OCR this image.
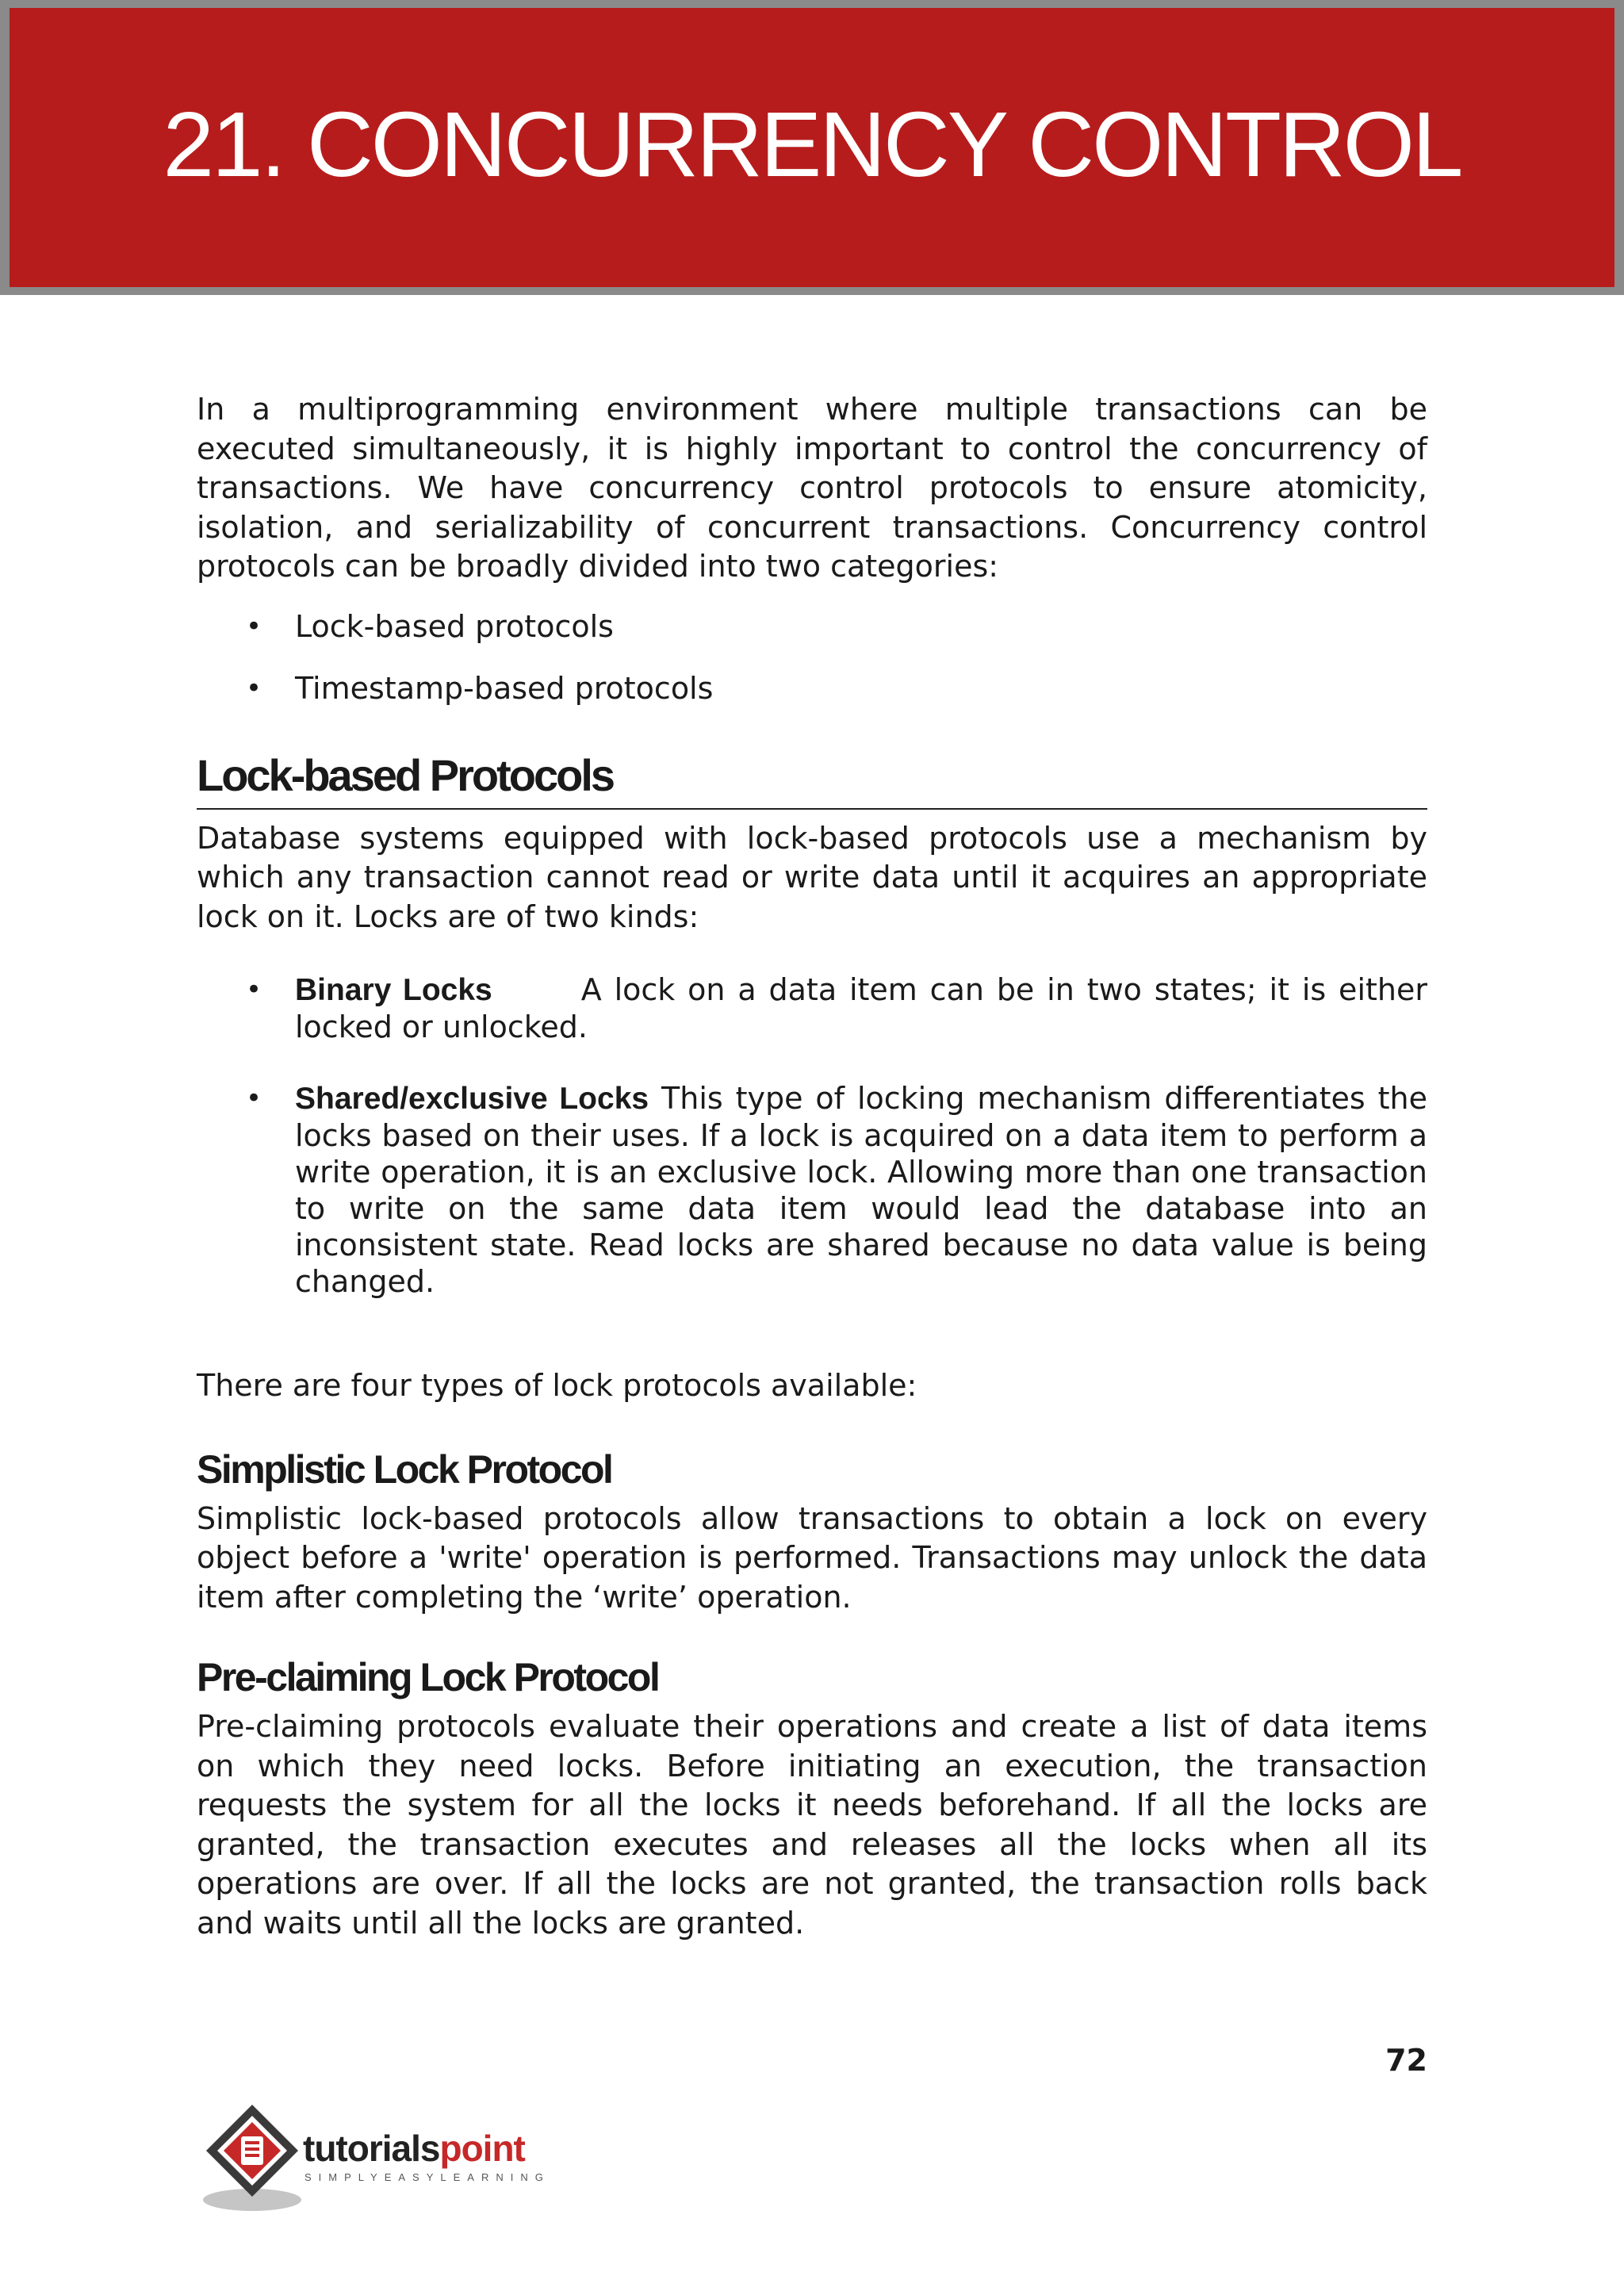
21. CONCURRENCY CONTROL

In a multiprogramming environment where multiple transactions can be executed simultaneously, it is highly important to control the concurrency of transactions. We have concurrency control protocols to ensure atomicity, isolation, and serializability of concurrent transactions. Concurrency control protocols can be broadly divided into two categories:

• Lock-based protocols
• Timestamp-based protocols
Lock-based Protocols

Database systems equipped with lock-based protocols use a mechanism by which any transaction cannot read or write data until it acquires an appropriate lock on it. Locks are of two kinds:

• Binary Locks	A lock on a data item can be in two states; it is either locked or unlocked.
• Shared/exclusive Locks This type of locking mechanism differentiates the locks based on their uses. If a lock is acquired on a data item to perform a write operation, it is an exclusive lock. Allowing more than one transaction to write on the same data item would lead the database into an inconsistent state. Read locks are shared because no data value is being changed.

There are four types of lock protocols available:

Simplistic Lock Protocol

Simplistic lock-based protocols allow transactions to obtain a lock on every object before a 'write' operation is performed. Transactions may unlock the data item after completing the ‘write’ operation.

Pre-claiming Lock Protocol

Pre-claiming protocols evaluate their operations and create a list of data items on which they need locks. Before initiating an execution, the transaction requests the system for all the locks it needs beforehand. If all the locks are granted, the transaction executes and releases all the locks when all its operations are over. If all the locks are not granted, the transaction rolls back and waits until all the locks are granted.

72
tutorialspoint
SIMPLYEASYLEARNING
